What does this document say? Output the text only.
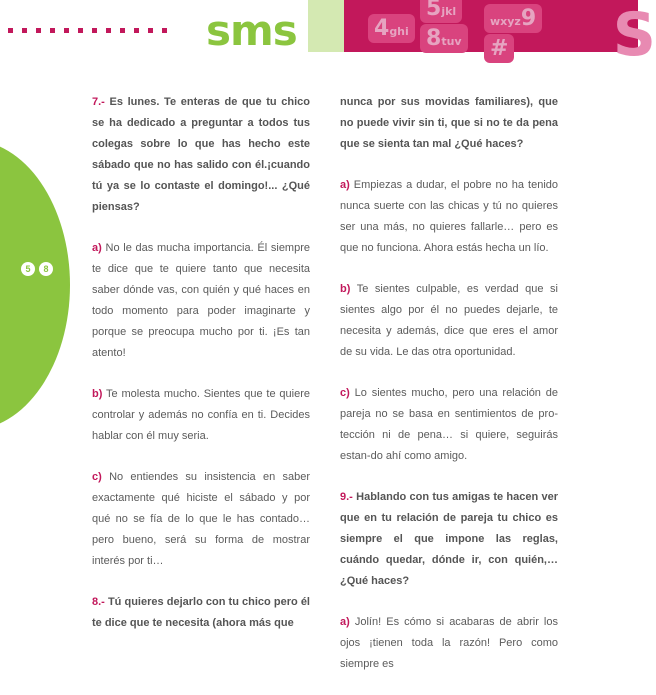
sms	4ghi
5jkl
8tuv
wxyz9
# S
5	8

7.- Es lunes. Te enteras de que tu chico se ha dedicado a preguntar a todos tus colegas sobre lo que has hecho este sábado que no has salido con él.¡cuando tú ya se lo contaste el domingo!... ¿Qué piensas?

a) No le das mucha importancia. Él siempre te dice que te quiere tanto que necesita saber dónde vas, con quién y qué haces en todo momento para poder imaginarte y porque se preocupa mucho por ti. ¡Es tan atento!

b) Te molesta mucho. Sientes que te quiere controlar y además no confía en ti. Decides hablar con él muy seria.

c) No entiendes su insistencia en saber exactamente qué hiciste el sábado y por qué no se fía de lo que le has contado… pero bueno, será su forma de mostrar interés por ti…

8.- Tú quieres dejarlo con tu chico pero él te dice que te necesita (ahora más que

nunca por sus movidas familiares), que no puede vivir sin ti, que si no te da pena que se sienta tan mal ¿Qué haces?

a) Empiezas a dudar, el pobre no ha tenido nunca suerte con las chicas y tú no quieres ser una más, no quieres fallarle… pero es que no funciona. Ahora estás hecha un lío.

b) Te sientes culpable, es verdad que si sientes algo por él no puedes dejarle, te necesita y además, dice que eres el amor de su vida. Le das otra oportunidad.

c) Lo sientes mucho, pero una relación de pareja no se basa en sentimientos de pro-tección ni de pena… si quiere, seguirás estan-do ahí como amigo.

9.- Hablando con tus amigas te hacen ver que en tu relación de pareja tu chico es siempre el que impone las reglas, cuándo quedar, dónde ir, con quién,… ¿Qué haces?

a) Jolín! Es cómo si acabaras de abrir los ojos ¡tienen toda la razón! Pero como siempre es
